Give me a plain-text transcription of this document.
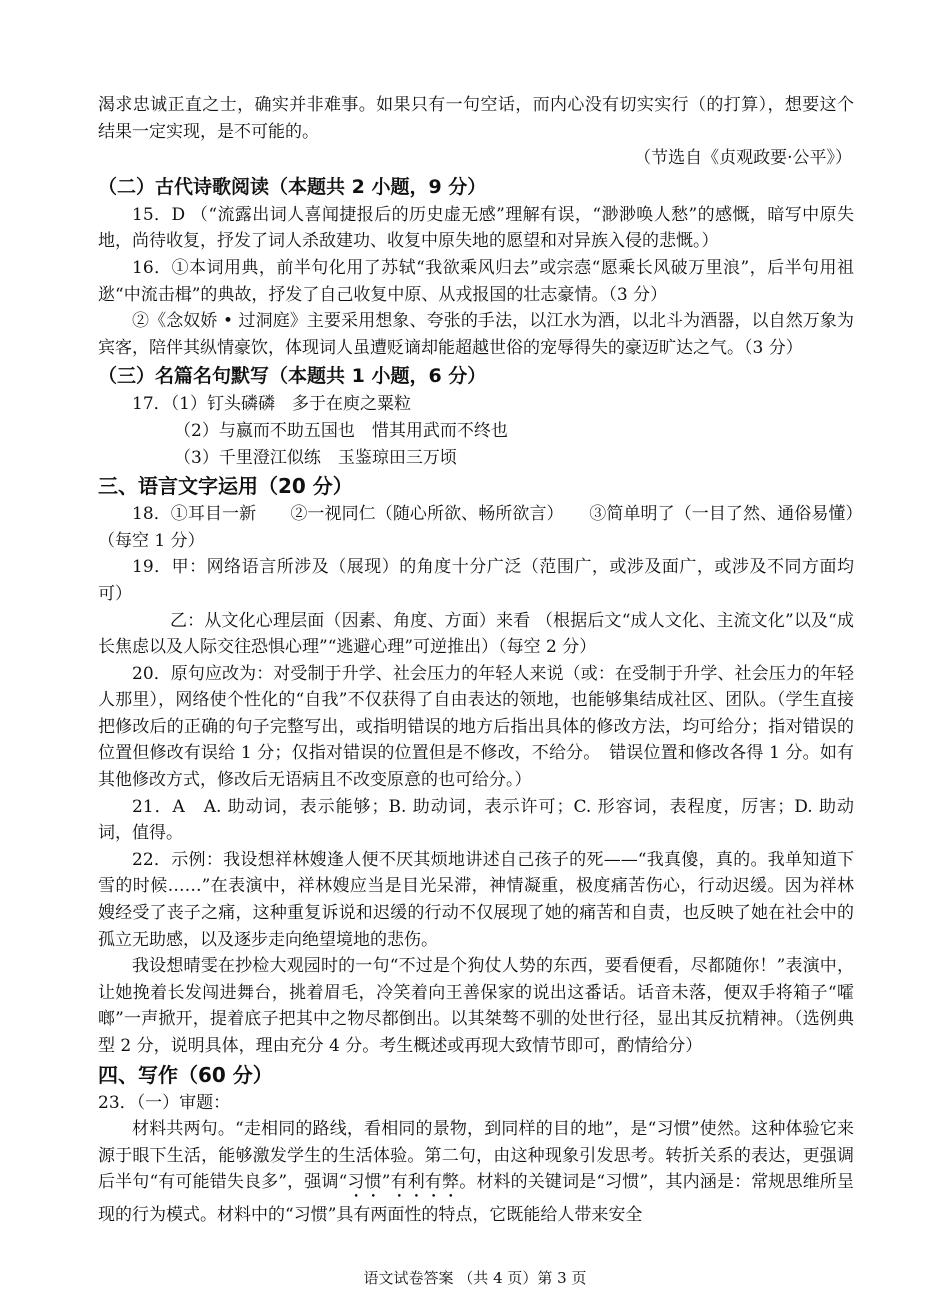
渴求忠诚正直之士，确实并非难事。如果只有一句空话，而内心没有切实实行（的打算），想要这个结果一定实现，是不可能的。

（节选自《贞观政要·公平》）

（二）古代诗歌阅读（本题共 2 小题，9 分）

15．D （“流露出词人喜闻捷报后的历史虚无感”理解有误，“渺渺唤人愁”的感慨，暗写中原失地，尚待收复，抒发了词人杀敌建功、收复中原失地的愿望和对异族入侵的悲慨。）

16．①本词用典，前半句化用了苏轼“我欲乘风归去”或宗悫“愿乘长风破万里浪”，后半句用祖逖“中流击楫”的典故，抒发了自己收复中原、从戎报国的壮志豪情。（3 分）

②《念奴娇 • 过洞庭》主要采用想象、夸张的手法，以江水为酒，以北斗为酒器，以自然万象为宾客，陪伴其纵情豪饮，体现词人虽遭贬谪却能超越世俗的宠辱得失的豪迈旷达之气。（3 分）

（三）名篇名句默写（本题共 1 小题，6 分）

17．（1）钉头磷磷　多于在庾之粟粒

（2）与嬴而不助五国也　惜其用武而不终也

（3）千里澄江似练　玉鉴琼田三万顷

三、语言文字运用（20 分）

18．①耳目一新　　②一视同仁（随心所欲、畅所欲言）　　③简单明了（一目了然、通俗易懂）（每空 1 分）

19．甲：网络语言所涉及（展现）的角度十分广泛（范围广，或涉及面广，或涉及不同方面均可）

乙：从文化心理层面（因素、角度、方面）来看 （根据后文“成人文化、主流文化”以及“成长焦虑以及人际交往恐惧心理”“逃避心理”可逆推出）（每空 2 分）

20．原句应改为：对受制于升学、社会压力的年轻人来说（或：在受制于升学、社会压力的年轻人那里），网络使个性化的“自我”不仅获得了自由表达的领地，也能够集结成社区、团队。（学生直接把修改后的正确的句子完整写出，或指明错误的地方后指出具体的修改方法，均可给分；指对错误的位置但修改有误给 1 分；仅指对错误的位置但是不修改，不给分。　错误位置和修改各得 1 分。如有其他修改方式，修改后无语病且不改变原意的也可给分。）

21．A　A. 助动词，表示能够；B. 助动词，表示许可；C. 形容词，表程度，厉害；D. 助动词，值得。

22．示例：我设想祥林嫂逢人便不厌其烦地讲述自己孩子的死——“我真傻，真的。我单知道下雪的时候……”在表演中，祥林嫂应当是目光呆滞，神情凝重，极度痛苦伤心，行动迟缓。因为祥林嫂经受了丧子之痛，这种重复诉说和迟缓的行动不仅展现了她的痛苦和自责，也反映了她在社会中的孤立无助感，以及逐步走向绝望境地的悲伤。

我设想晴雯在抄检大观园时的一句“不过是个狗仗人势的东西，要看便看，尽都随你！”表演中，让她挽着长发闯进舞台，挑着眉毛，冷笑着向王善保家的说出这番话。话音未落，便双手将箱子“嚯啷”一声掀开，提着底子把其中之物尽都倒出。以其桀骜不驯的处世行径，显出其反抗精神。（选例典型 2 分，说明具体，理由充分 4 分。考生概述或再现大致情节即可，酌情给分）

四、写作（60 分）

23．（一）审题：

材料共两句。“走相同的路线，看相同的景物，到同样的目的地”，是“习惯”使然。这种体验它来源于眼下生活，能够激发学生的生活体验。第二句，由这种现象引发思考。转折关系的表达，更强调后半句“有可能错失良多”，强调“习惯”有利有弊。材料的关键词是“习惯”，其内涵是：常规思维所呈现的行为模式。材料中的“习惯”具有两面性的特点，它既能给人带来安全

语文试卷答案 （共 4 页）第 3 页
